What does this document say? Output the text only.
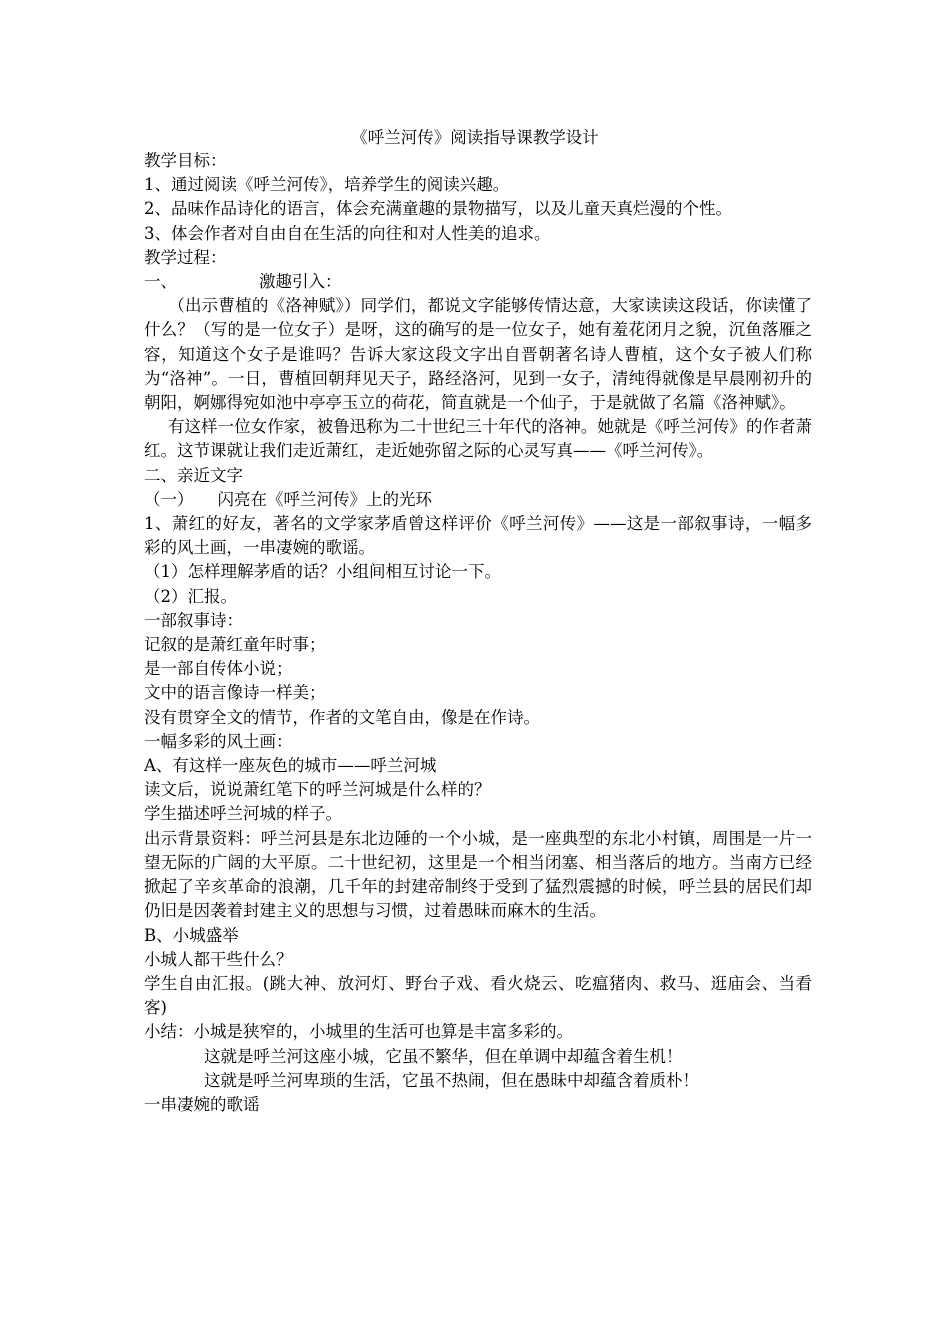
《呼兰河传》阅读指导课教学设计

教学目标：

1、通过阅读《呼兰河传》，培养学生的阅读兴趣。

2、品味作品诗化的语言，体会充满童趣的景物描写，以及儿童天真烂漫的个性。

3、体会作者对自由自在生活的向往和对人性美的追求。

教学过程：

一、	激趣引入：

（出示曹植的《洛神赋》）同学们，都说文字能够传情达意，大家读读这段话，你读懂了什么？（写的是一位女子）是呀，这的确写的是一位女子，她有羞花闭月之貌，沉鱼落雁之容，知道这个女子是谁吗？告诉大家这段文字出自晋朝著名诗人曹植，这个女子被人们称为“洛神”。一日，曹植回朝拜见天子，路经洛河，见到一女子，清纯得就像是早晨刚初升的朝阳，婀娜得宛如池中亭亭玉立的荷花，简直就是一个仙子，于是就做了名篇《洛神赋》。

有这样一位女作家，被鲁迅称为二十世纪三十年代的洛神。她就是《呼兰河传》的作者萧红。这节课就让我们走近萧红，走近她弥留之际的心灵写真——《呼兰河传》。

二、亲近文字

（一） 闪亮在《呼兰河传》上的光环

1、萧红的好友，著名的文学家茅盾曾这样评价《呼兰河传》——这是一部叙事诗，一幅多彩的风土画，一串凄婉的歌谣。

（1）怎样理解茅盾的话？小组间相互讨论一下。

（2）汇报。

一部叙事诗：

记叙的是萧红童年时事；

是一部自传体小说；

文中的语言像诗一样美；

没有贯穿全文的情节，作者的文笔自由，像是在作诗。

一幅多彩的风土画：

A、有这样一座灰色的城市——呼兰河城

读文后，说说萧红笔下的呼兰河城是什么样的？

学生描述呼兰河城的样子。

出示背景资料：呼兰河县是东北边陲的一个小城，是一座典型的东北小村镇，周围是一片一望无际的广阔的大平原。二十世纪初，这里是一个相当闭塞、相当落后的地方。当南方已经掀起了辛亥革命的浪潮，几千年的封建帝制终于受到了猛烈震撼的时候，呼兰县的居民们却仍旧是因袭着封建主义的思想与习惯，过着愚昧而麻木的生活。

B、小城盛举

小城人都干些什么？

学生自由汇报。(跳大神、放河灯、野台子戏、看火烧云、吃瘟猪肉、救马、逛庙会、当看客)

小结：小城是狭窄的，小城里的生活可也算是丰富多彩的。

这就是呼兰河这座小城，它虽不繁华，但在单调中却蕴含着生机！

这就是呼兰河卑琐的生活，它虽不热闹，但在愚昧中却蕴含着质朴！

一串凄婉的歌谣
